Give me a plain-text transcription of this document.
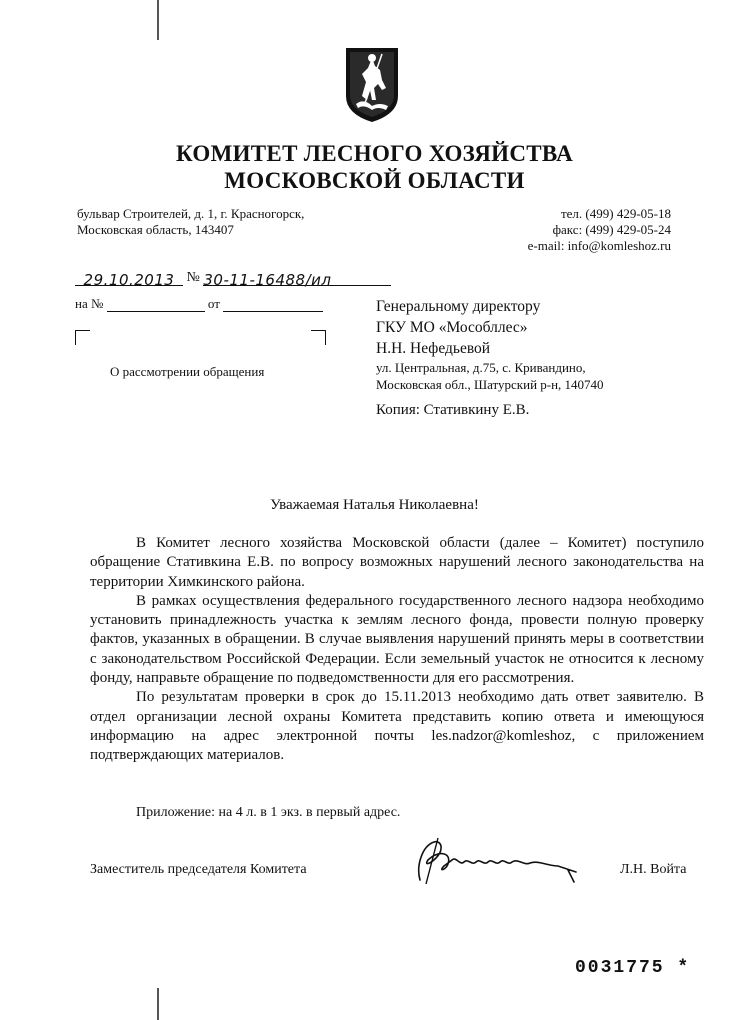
КОМИТЕТ ЛЕСНОГО ХОЗЯЙСТВА
МОСКОВСКОЙ ОБЛАСТИ
бульвар Строителей, д. 1, г. Красногорск,
Московская область, 143407
тел. (499) 429-05-18
факс: (499) 429-05-24
e-mail: info@komleshoz.ru
29.10.2013 № 30-11-16488/ил
на №	от
О рассмотрении обращения
Генеральному директору
ГКУ МО «Мособллес»
Н.Н. Нефедьевой
ул. Центральная, д.75, с. Кривандино,
Московская обл., Шатурский р-н, 140740
Копия: Стативкину Е.В.
Уважаемая Наталья Николаевна!

В Комитет лесного хозяйства Московской области (далее – Комитет) поступило обращение Стативкина Е.В. по вопросу возможных нарушений лесного законодательства на территории Химкинского района.

В рамках осуществления федерального государственного лесного надзора необходимо установить принадлежность участка к землям лесного фонда, провести полную проверку фактов, указанных в обращении. В случае выявления нарушений принять меры в соответствии с законодательством Российской Федерации. Если земельный участок не относится к лесному фонду, направьте обращение по подведомственности для его рассмотрения.

По результатам проверки в срок до 15.11.2013 необходимо дать ответ заявителю. В отдел организации лесной охраны Комитета представить копию ответа и имеющуюся информацию на адрес электронной почты les.nadzor@komleshoz, с приложением подтверждающих материалов.

Приложение: на 4 л. в 1 экз. в первый адрес.
Заместитель председателя Комитета	Л.Н. Войта
0031775 *
